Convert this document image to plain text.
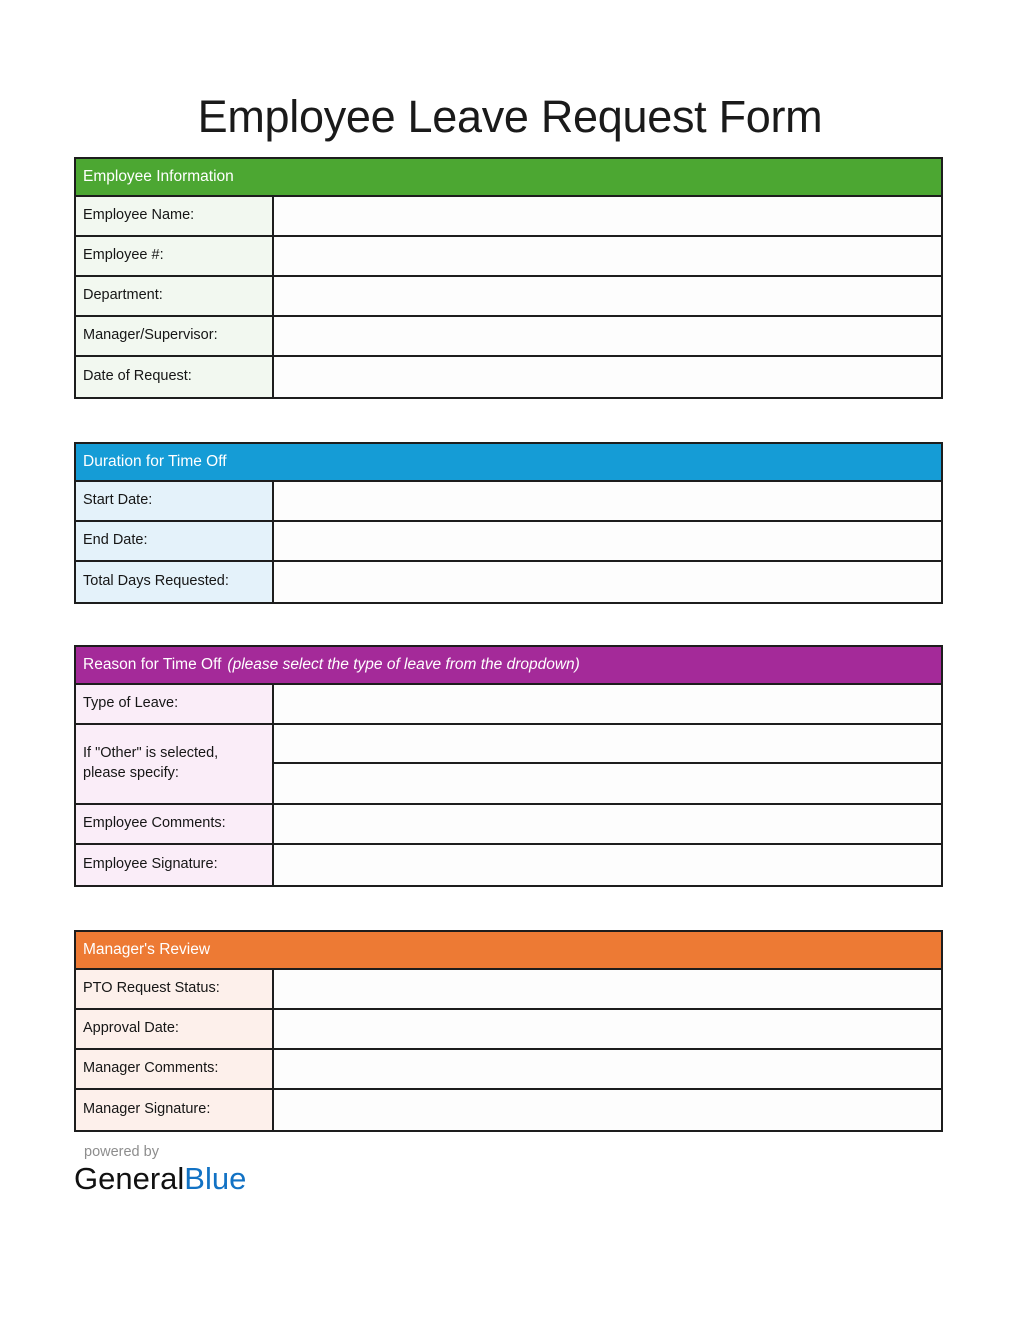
Employee Leave Request Form
Employee Information
Employee Name:
Employee #:
Department:
Manager/Supervisor:
Date of Request:
Duration for Time Off
Start Date:
End Date:
Total Days Requested:
Reason for Time Off (please select the type of leave from the dropdown)
Type of Leave:
If "Other" is selected,
please specify:
Employee Comments:
Employee Signature:
Manager's Review
PTO Request Status:
Approval Date:
Manager Comments:
Manager Signature:
powered by
GeneralBlue
